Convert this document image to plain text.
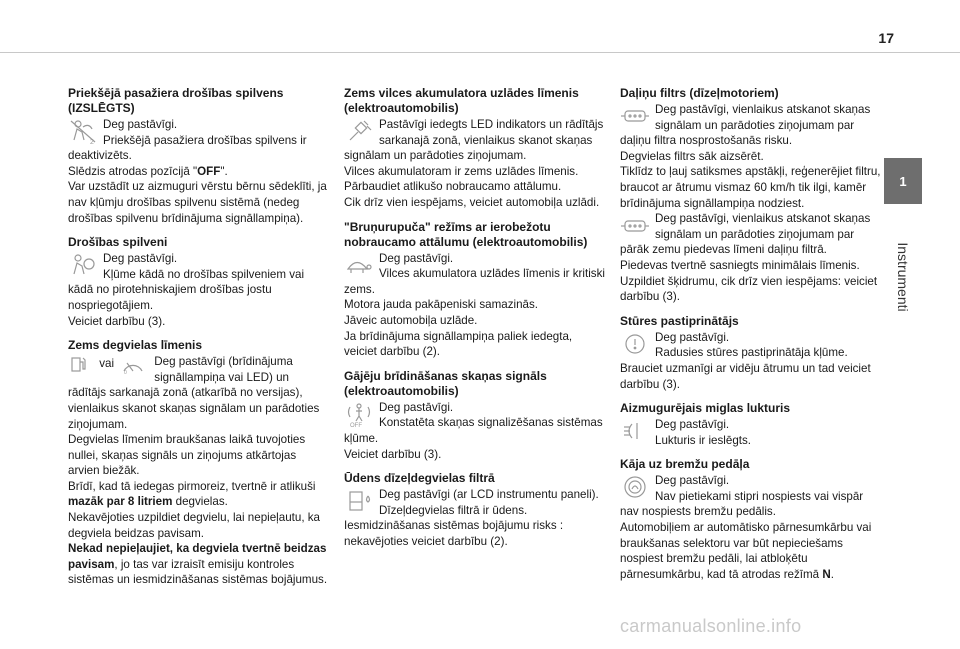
17
1
Instrumenti
Priekšējā pasažiera drošības spilvens (IZSLĒGTS)
2

Deg pastāvīgi.

Priekšējā pasažiera drošības spilvens ir deaktivizēts.

Slēdzis atrodas pozīcijā "OFF".

Var uzstādīt uz aizmuguri vērstu bērnu sēdeklīti, ja nav kļūmju drošības spilvenu sistēmā (nedeg drošības spilvenu brīdinājuma signāllampiņa).

Drošības spilveni

Deg pastāvīgi.

Kļūme kādā no drošības spilveniem vai kādā no pirotehniskajiem drošības jostu nospriegotājiem.

Veiciet darbību (3).

Zems degvielas līmenis
vai
0

Deg pastāvīgi (brīdinājuma signāllampiņa vai LED) un rādītājs sarkanajā zonā (atkarībā no versijas), vienlaikus skanot skaņas signālam un parādoties ziņojumam.

Degvielas līmenim braukšanas laikā tuvojoties nullei, skaņas signāls un ziņojums atkārtojas arvien biežāk.

Brīdī, kad tā iedegas pirmoreiz, tvertnē ir atlikuši mazāk par 8 litriem degvielas.

Nekavējoties uzpildiet degvielu, lai nepieļautu, ka degviela beidzas pavisam.

Nekad nepieļaujiet, ka degviela tvertnē beidzas pavisam, jo tas var izraisīt emisiju kontroles sistēmas un iesmidzināšanas sistēmas bojājumus.

Zems vilces akumulatora uzlādes līmenis (elektroautomobilis)

Pastāvīgi iedegts LED indikators un rādītājs sarkanajā zonā, vienlaikus skanot skaņas signālam un parādoties ziņojumam.

Vilces akumulatoram ir zems uzlādes līmenis.

Pārbaudiet atlikušo nobraucamo attālumu.

Cik drīz vien iespējams, veiciet automobiļa uzlādi.

"Bruņurupuča" režīms ar ierobežotu nobraucamo attālumu (elektroautomobilis)

Deg pastāvīgi.

Vilces akumulatora uzlādes līmenis ir kritiski zems.

Motora jauda pakāpeniski samazinās.

Jāveic automobiļa uzlāde.

Ja brīdinājuma signāllampiņa paliek iedegta, veiciet darbību (2).

Gājēju brīdināšanas skaņas signāls (elektroautomobilis)
OFF

Deg pastāvīgi.

Konstatēta skaņas signalizēšanas sistēmas kļūme.

Veiciet darbību (3).

Ūdens dīzeļdegvielas filtrā

Deg pastāvīgi (ar LCD instrumentu paneli).

Dīzeļdegvielas filtrā ir ūdens.

Iesmidzināšanas sistēmas bojājumu risks : nekavējoties veiciet darbību (2).

Daļiņu filtrs (dīzeļmotoriem)

Deg pastāvīgi, vienlaikus atskanot skaņas signālam un parādoties ziņojumam par daļiņu filtra nosprostošanās risku.

Degvielas filtrs sāk aizsērēt.

Tiklīdz to ļauj satiksmes apstākļi, reģenerējiet filtru, braucot ar ātrumu vismaz 60 km/h tik ilgi, kamēr brīdinājuma signāllampiņa nodziest.

Deg pastāvīgi, vienlaikus atskanot skaņas signālam un parādoties ziņojumam par pārāk zemu piedevas līmeni daļiņu filtrā.

Piedevas tvertnē sasniegts minimālais līmenis.

Uzpildiet šķidrumu, cik drīz vien iespējams: veiciet darbību (3).

Stūres pastiprinātājs

Deg pastāvīgi.

Radusies stūres pastiprinātāja kļūme.

Brauciet uzmanīgi ar vidēju ātrumu un tad veiciet darbību (3).

Aizmugurējais miglas lukturis

Deg pastāvīgi.

Lukturis ir ieslēgts.

Kāja uz bremžu pedāļa

Deg pastāvīgi.

Nav pietiekami stipri nospiests vai vispār nav nospiests bremžu pedālis.

Automobiļiem ar automātisko pārnesumkārbu vai braukšanas selektoru var būt nepieciešams nospiest bremžu pedāli, lai atbloķētu pārnesumkārbu, kad tā atrodas režīmā N.

carmanualsonline.info
